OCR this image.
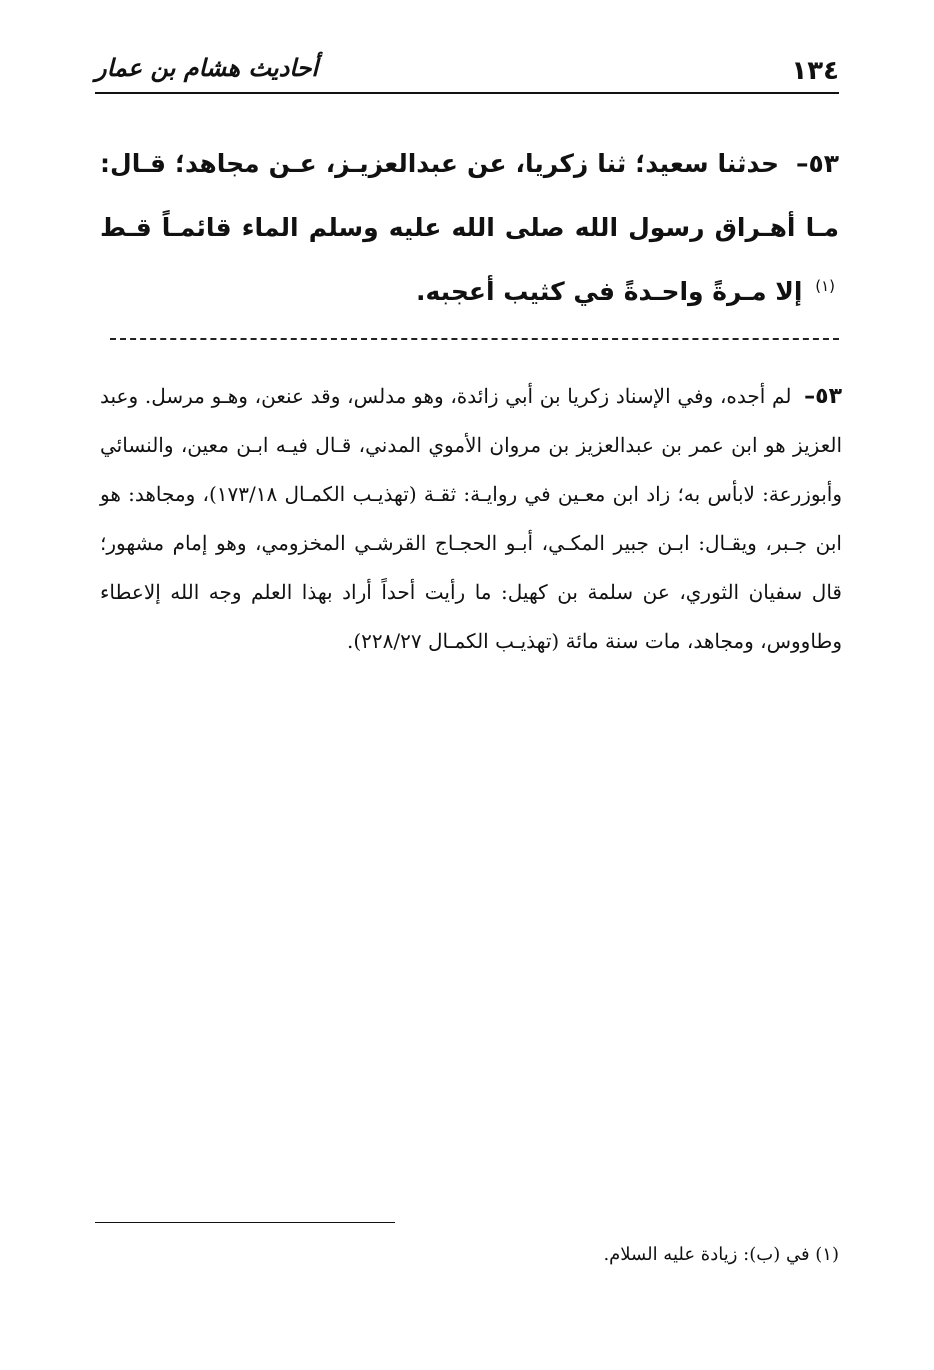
١٣٤
أحاديث هشام بن عمار
٥٣– حدثنا سعيد؛ ثنا زكريا، عن عبدالعزيـز، عـن مجاهد؛ قـال: مـا أهـراق رسول الله صلى الله عليه وسلم الماء قائمـاً قـط $^{(١)}$ إلا مـرةً واحـدةً في كثيب أعجبه.
٥٣– لم أجده، وفي الإسناد زكريا بن أبي زائدة، وهو مدلس، وقد عنعن، وهـو مرسل. وعبد العزيز هو ابن عمر بن عبدالعزيز بن مروان الأموي المدني، قـال فيـه ابـن معين، والنسائي وأبوزرعة: لابأس به؛ زاد ابن معـين في روايـة: ثقـة (تهذيـب الكمـال ١٧٣/١٨)، ومجاهد: هو ابن جـبر، ويقـال: ابـن جبير المكـي، أبـو الحجـاج القرشـي المخزومي، وهو إمام مشهور؛ قال سفيان الثوري، عن سلمة بن كهيل: ما رأيت أحداً أراد بهذا العلم وجه الله إلاعطاء وطاووس، ومجاهد، مات سنة مائة (تهذيـب الكمـال ٢٢٨/٢٧).
(١) في (ب): زيادة عليه السلام.
